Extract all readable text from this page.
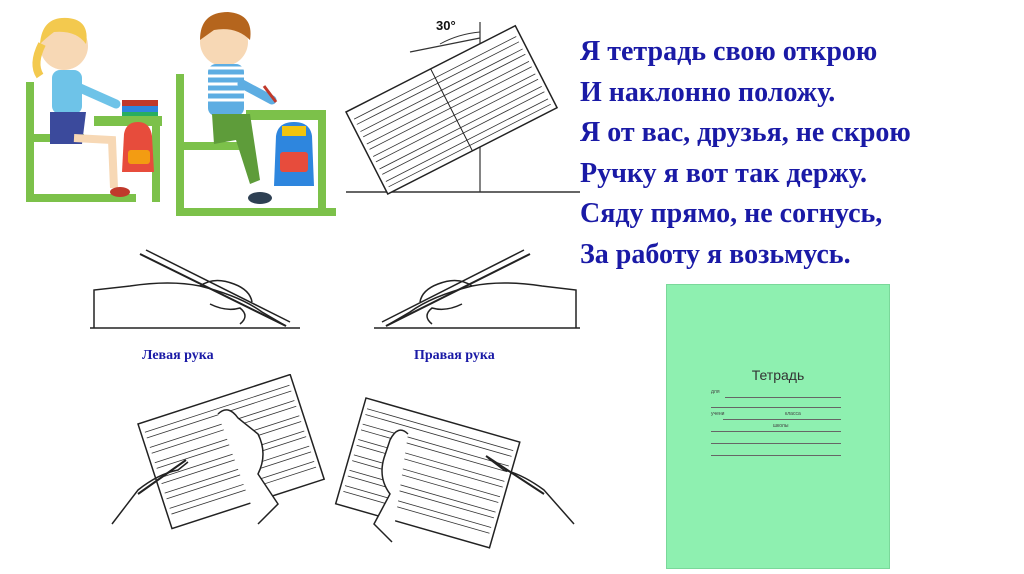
30°
Левая рука	Правая рука
Я тетрадь свою открою
И наклонно положу.
Я от вас, друзья, не скрою
Ручку я вот так держу.
Сяду прямо, не согнусь,
За работу я возьмусь.
Тетрадь
для
учени	класса
школы
